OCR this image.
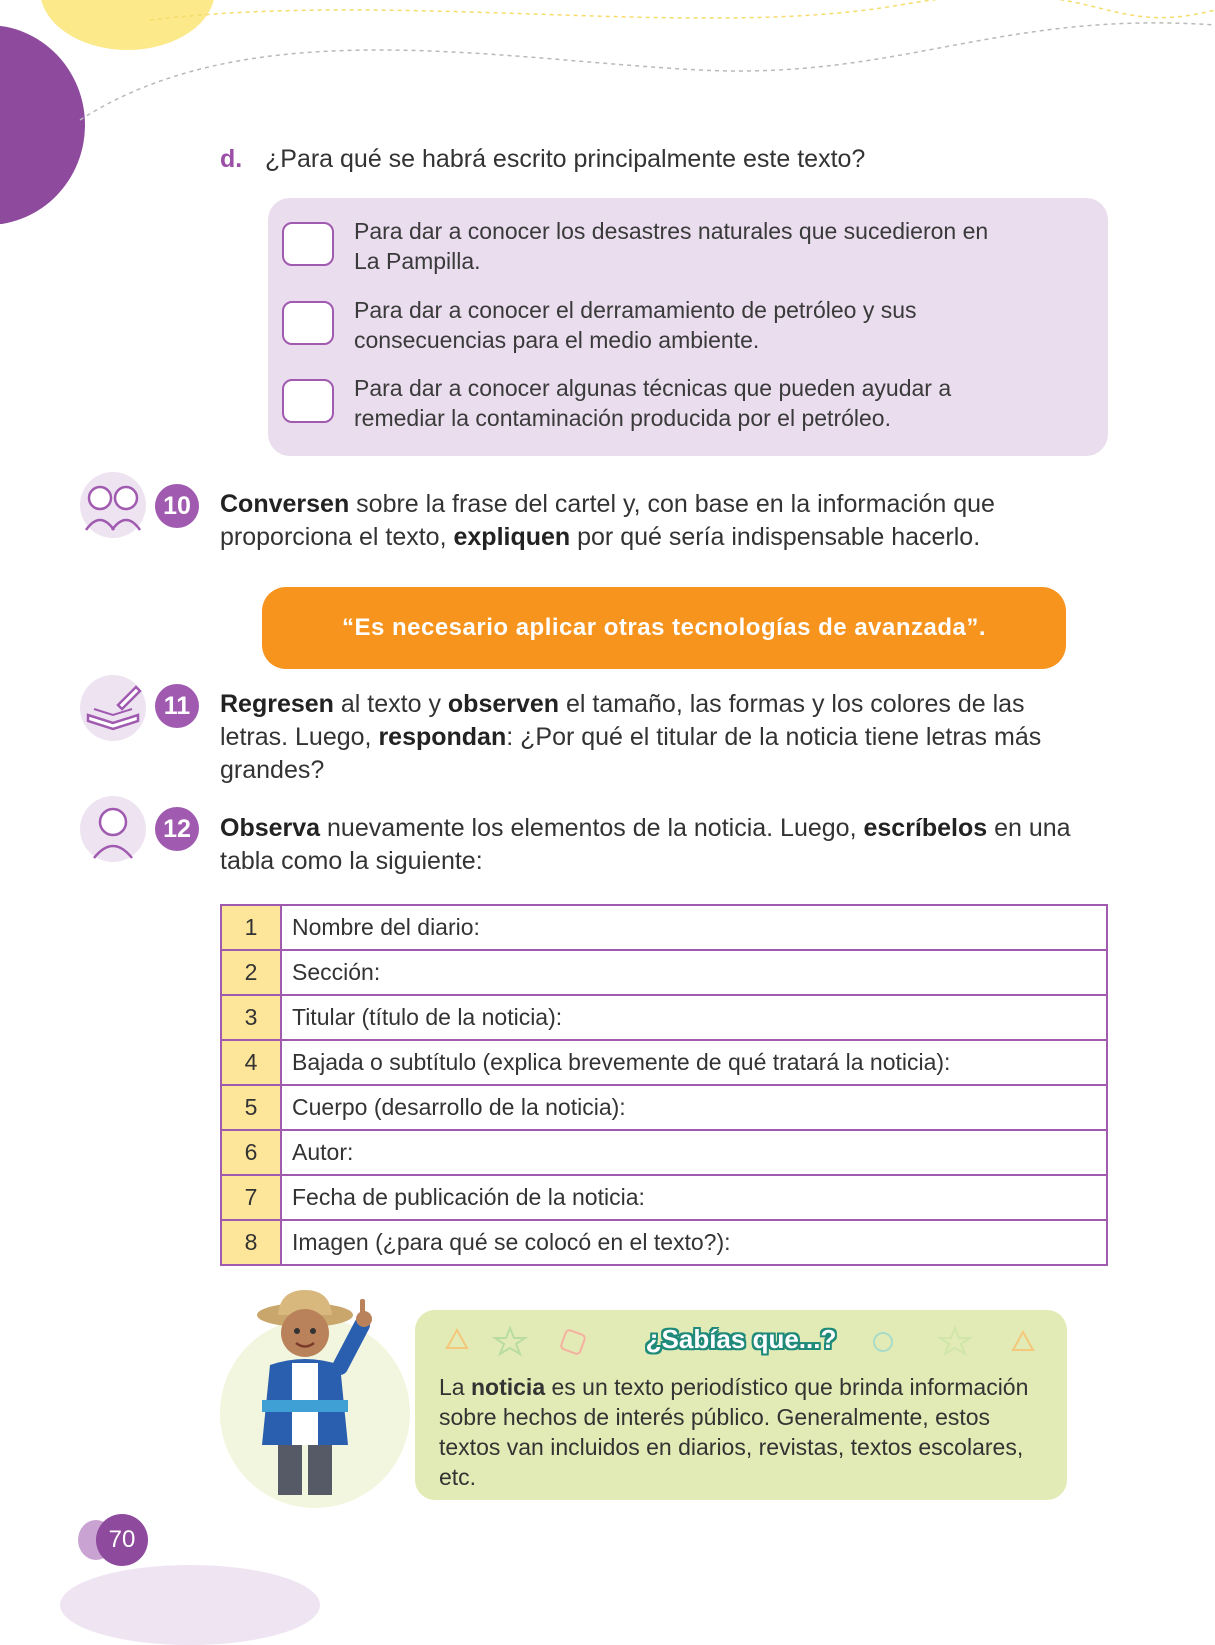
d. ¿Para qué se habrá escrito principalmente este texto?
Para dar a conocer los desastres naturales que sucedieron en
La Pampilla.
Para dar a conocer el derramamiento de petróleo y sus
consecuencias para el medio ambiente.
Para dar a conocer algunas técnicas que pueden ayudar a
remediar la contaminación producida por el petróleo.
10	Conversen sobre la frase del cartel y, con base en la información que proporciona el texto, expliquen por qué sería indispensable hacerlo.
“Es necesario aplicar otras tecnologías de avanzada”.
11	Regresen al texto y observen el tamaño, las formas y los colores de las letras. Luego, respondan: ¿Por qué el titular de la noticia tiene letras más grandes?
12	Observa nuevamente los elementos de la noticia. Luego, escríbelos en una tabla como la siguiente:
1	Nombre del diario:
2	Sección:
3	Titular (título de la noticia):
4	Bajada o subtítulo (explica brevemente de qué tratará la noticia):
5	Cuerpo (desarrollo de la noticia):
6	Autor:
7	Fecha de publicación de la noticia:
8	Imagen (¿para qué se colocó en el texto?):
¿Sabías que...?
La noticia es un texto periodístico que brinda información sobre hechos de interés público. Generalmente, estos textos van incluidos en diarios, revistas, textos escolares, etc.
70
